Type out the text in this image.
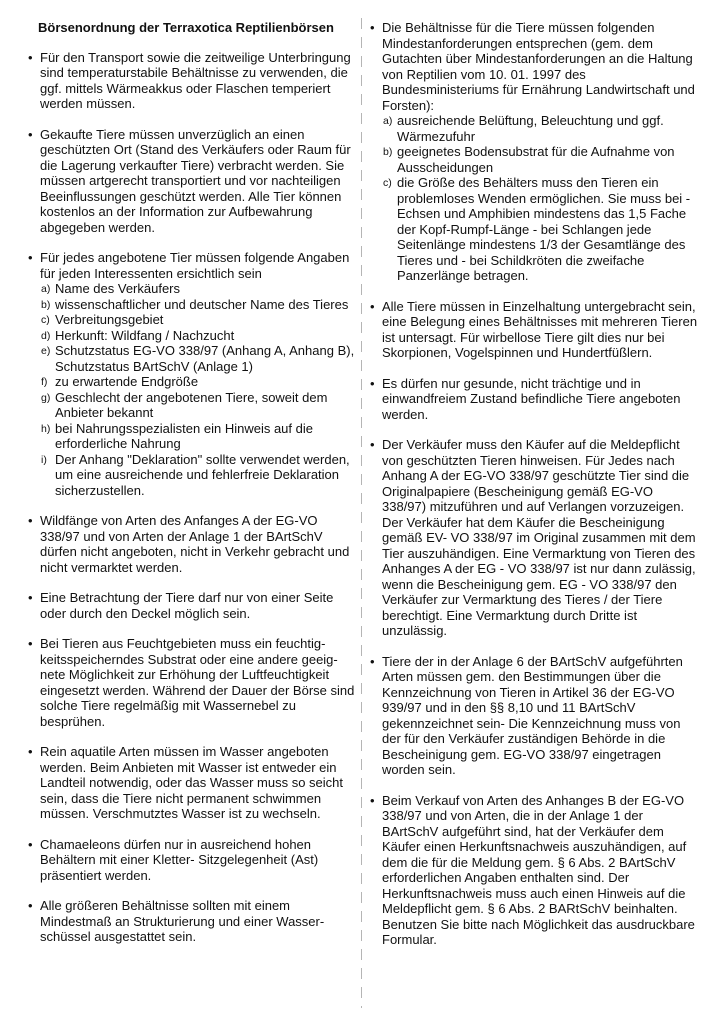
Börsenordnung der Terraxotica Reptilienbörsen

• Für den Transport sowie die zeitweilige Unterbringung sind temperaturstabile Behältnisse zu verwenden, die ggf. mittels Wärmeakkus oder Flaschen temperiert werden müssen.

• Gekaufte Tiere müssen unverzüglich an einen geschützten Ort (Stand des Verkäufers oder Raum für die Lagerung verkaufter Tiere) verbracht werden. Sie müssen artgerecht transportiert und vor nachteiligen Beeinflussungen geschützt werden. Alle Tier können kostenlos an der Information zur Aufbewahrung abgegeben werden.

• Für jedes angebotene Tier müssen folgende Angaben für jeden Interessenten ersichtlich sein

a) Name des Verkäufers
b) wissenschaftlicher und deutscher Name des Tieres
c) Verbreitungsgebiet
d) Herkunft: Wildfang / Nachzucht
e) Schutzstatus EG-VO 338/97 (Anhang A, Anhang B), Schutzstatus BArtSchV (Anlage 1)
f) zu erwartende Endgröße
g) Geschlecht der angebotenen Tiere, soweit dem Anbieter bekannt
h) bei Nahrungsspezialisten ein Hinweis auf die erforderliche Nahrung
i) Der Anhang "Deklaration" sollte verwendet werden, um eine ausreichende und fehlerfreie Deklaration sicherzustellen.

• Wildfänge von Arten des Anfanges A der EG-VO 338/97 und von Arten der Anlage 1 der BArtSchV dürfen nicht angeboten, nicht in Verkehr gebracht und nicht vermarktet werden.

• Eine Betrachtung der Tiere darf nur von einer Seite oder durch den Deckel möglich sein.

• Bei Tieren aus Feuchtgebieten muss ein feuchtigkeitsspeicherndes Substrat oder eine andere geeignete Möglichkeit zur Erhöhung der Luftfeuchtigkeit eingesetzt werden. Während der Dauer der Börse sind solche Tiere regelmäßig mit Wassernebel zu besprühen.

• Rein aquatile Arten müssen im Wasser angeboten werden. Beim Anbieten mit Wasser ist entweder ein Landteil notwendig, oder das Wasser muss so seicht sein, dass die Tiere nicht permanent schwimmen müssen. Verschmutztes Wasser ist zu wechseln.

• Chamaeleons dürfen nur in ausreichend hohen Behältern mit einer Kletter- Sitzgelegenheit (Ast) präsentiert werden.

• Alle größeren Behältnisse sollten mit einem Mindestmaß an Strukturierung und einer Wasserschüssel ausgestattet sein.

• Die Behältnisse für die Tiere müssen folgenden Mindestanforderungen entsprechen (gem. dem Gutachten über Mindestanforderungen an die Haltung von Reptilien vom 10. 01. 1997 des Bundesministeriums für Ernährung Landwirtschaft und Forsten):

a) ausreichende Belüftung, Beleuchtung und ggf. Wärmezufuhr
b) geeignetes Bodensubstrat für die Aufnahme von Ausscheidungen
c) die Größe des Behälters muss den Tieren ein problemloses Wenden ermöglichen. Sie muss bei - Echsen und Amphibien mindestens das 1,5 Fache der Kopf-Rumpf-Länge - bei Schlangen jede Seitenlänge mindestens 1/3 der Gesamtlänge des Tieres und - bei Schildkröten die zweifache Panzerlänge betragen.

• Alle Tiere müssen in Einzelhaltung untergebracht sein, eine Belegung eines Behältnisses mit mehreren Tieren ist untersagt. Für wirbellose Tiere gilt dies nur bei Skorpionen, Vogelspinnen und Hundertfüßlern.

• Es dürfen nur gesunde, nicht trächtige und in einwandfreiem Zustand befindliche Tiere angeboten werden.

• Der Verkäufer muss den Käufer auf die Meldepflicht von geschützten Tieren hinweisen. Für Jedes nach Anhang A der EG-VO 338/97 geschützte Tier sind die Originalpapiere (Bescheinigung gemäß EG-VO 338/97) mitzuführen und auf Verlangen vorzuzeigen. Der Verkäufer hat dem Käufer die Bescheinigung gemäß EV- VO 338/97 im Original zusammen mit dem Tier auszuhändigen. Eine Vermarktung von Tieren des Anhanges A der EG - VO 338/97 ist nur dann zulässig, wenn die Bescheinigung gem. EG - VO 338/97 den Verkäufer zur Vermarktung des Tieres / der Tiere berechtigt. Eine Vermarktung durch Dritte ist unzulässig.

• Tiere der in der Anlage 6 der BArtSchV aufgeführten Arten müssen gem. den Bestimmungen über die Kennzeichnung von Tieren in Artikel 36 der EG-VO 939/97 und in den §§ 8,10 und 11 BArtSchV gekennzeichnet sein- Die Kennzeichnung muss von der für den Verkäufer zuständigen Behörde in die Bescheinigung gem. EG-VO 338/97 eingetragen worden sein.

• Beim Verkauf von Arten des Anhanges B der EG-VO 338/97 und von Arten, die in der Anlage 1 der BArtSchV aufgeführt sind, hat der Verkäufer dem Käufer einen Herkunftsnachweis auszuhändigen, auf dem die für die Meldung gem. § 6 Abs. 2 BArtSchV erforderlichen Angaben enthalten sind. Der Herkunftsnachweis muss auch einen Hinweis auf die Meldepflicht gem. § 6 Abs. 2 BARtSchV beinhalten. Benutzen Sie bitte nach Möglichkeit das ausdruckbare Formular.
